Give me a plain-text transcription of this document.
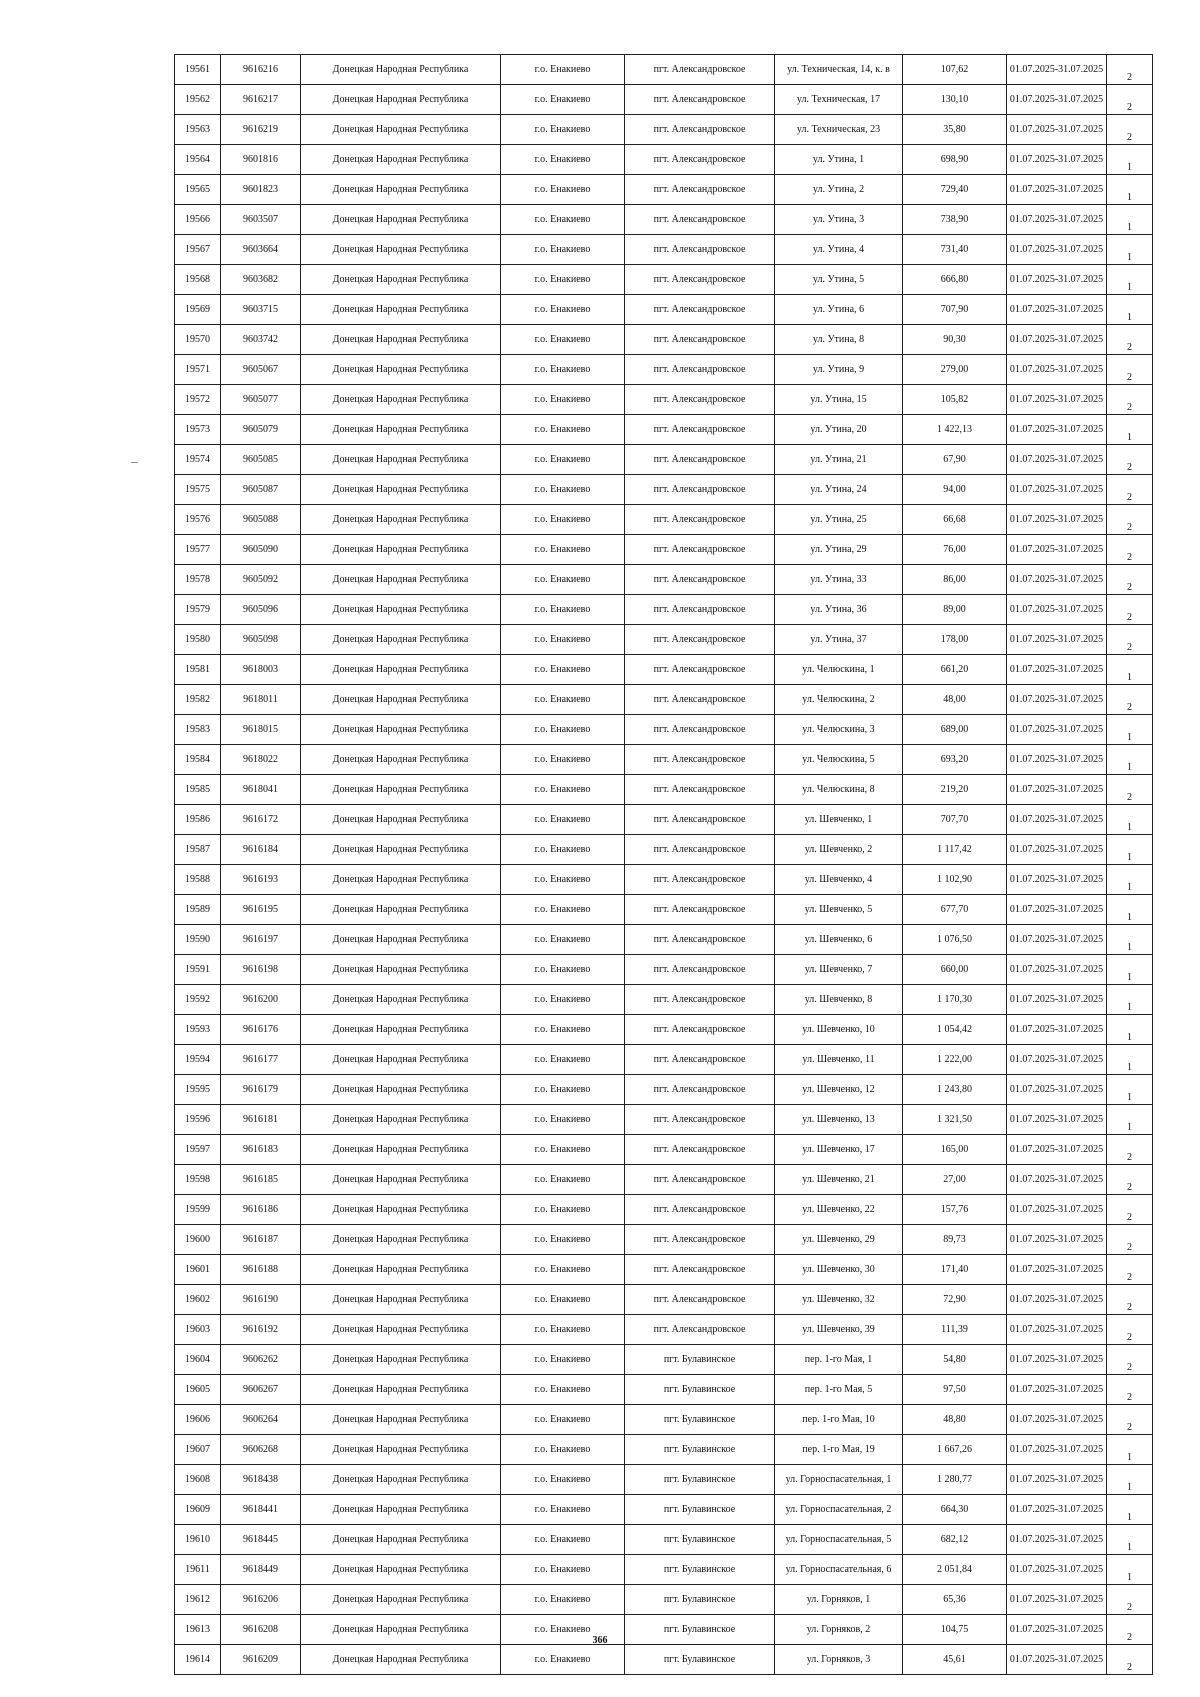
19561	9616216	Донецкая Народная Республика	г.о. Енакиево	пгт. Александровское	ул. Техническая, 14, к. в	107,62	01.07.2025-31.07.2025	2
19562	9616217	Донецкая Народная Республика	г.о. Енакиево	пгт. Александровское	ул. Техническая, 17	130,10	01.07.2025-31.07.2025	2
19563	9616219	Донецкая Народная Республика	г.о. Енакиево	пгт. Александровское	ул. Техническая, 23	35,80	01.07.2025-31.07.2025	2
19564	9601816	Донецкая Народная Республика	г.о. Енакиево	пгт. Александровское	ул. Утина, 1	698,90	01.07.2025-31.07.2025	1
19565	9601823	Донецкая Народная Республика	г.о. Енакиево	пгт. Александровское	ул. Утина, 2	729,40	01.07.2025-31.07.2025	1
19566	9603507	Донецкая Народная Республика	г.о. Енакиево	пгт. Александровское	ул. Утина, 3	738,90	01.07.2025-31.07.2025	1
19567	9603664	Донецкая Народная Республика	г.о. Енакиево	пгт. Александровское	ул. Утина, 4	731,40	01.07.2025-31.07.2025	1
19568	9603682	Донецкая Народная Республика	г.о. Енакиево	пгт. Александровское	ул. Утина, 5	666,80	01.07.2025-31.07.2025	1
19569	9603715	Донецкая Народная Республика	г.о. Енакиево	пгт. Александровское	ул. Утина, 6	707,90	01.07.2025-31.07.2025	1
19570	9603742	Донецкая Народная Республика	г.о. Енакиево	пгт. Александровское	ул. Утина, 8	90,30	01.07.2025-31.07.2025	2
19571	9605067	Донецкая Народная Республика	г.о. Енакиево	пгт. Александровское	ул. Утина, 9	279,00	01.07.2025-31.07.2025	2
19572	9605077	Донецкая Народная Республика	г.о. Енакиево	пгт. Александровское	ул. Утина, 15	105,82	01.07.2025-31.07.2025	2
19573	9605079	Донецкая Народная Республика	г.о. Енакиево	пгт. Александровское	ул. Утина, 20	1 422,13	01.07.2025-31.07.2025	1
19574	9605085	Донецкая Народная Республика	г.о. Енакиево	пгт. Александровское	ул. Утина, 21	67,90	01.07.2025-31.07.2025	2
19575	9605087	Донецкая Народная Республика	г.о. Енакиево	пгт. Александровское	ул. Утина, 24	94,00	01.07.2025-31.07.2025	2
19576	9605088	Донецкая Народная Республика	г.о. Енакиево	пгт. Александровское	ул. Утина, 25	66,68	01.07.2025-31.07.2025	2
19577	9605090	Донецкая Народная Республика	г.о. Енакиево	пгт. Александровское	ул. Утина, 29	76,00	01.07.2025-31.07.2025	2
19578	9605092	Донецкая Народная Республика	г.о. Енакиево	пгт. Александровское	ул. Утина, 33	86,00	01.07.2025-31.07.2025	2
19579	9605096	Донецкая Народная Республика	г.о. Енакиево	пгт. Александровское	ул. Утина, 36	89,00	01.07.2025-31.07.2025	2
19580	9605098	Донецкая Народная Республика	г.о. Енакиево	пгт. Александровское	ул. Утина, 37	178,00	01.07.2025-31.07.2025	2
19581	9618003	Донецкая Народная Республика	г.о. Енакиево	пгт. Александровское	ул. Челюскина, 1	661,20	01.07.2025-31.07.2025	1
19582	9618011	Донецкая Народная Республика	г.о. Енакиево	пгт. Александровское	ул. Челюскина, 2	48,00	01.07.2025-31.07.2025	2
19583	9618015	Донецкая Народная Республика	г.о. Енакиево	пгт. Александровское	ул. Челюскина, 3	689,00	01.07.2025-31.07.2025	1
19584	9618022	Донецкая Народная Республика	г.о. Енакиево	пгт. Александровское	ул. Челюскина, 5	693,20	01.07.2025-31.07.2025	1
19585	9618041	Донецкая Народная Республика	г.о. Енакиево	пгт. Александровское	ул. Челюскина, 8	219,20	01.07.2025-31.07.2025	2
19586	9616172	Донецкая Народная Республика	г.о. Енакиево	пгт. Александровское	ул. Шевченко, 1	707,70	01.07.2025-31.07.2025	1
19587	9616184	Донецкая Народная Республика	г.о. Енакиево	пгт. Александровское	ул. Шевченко, 2	1 117,42	01.07.2025-31.07.2025	1
19588	9616193	Донецкая Народная Республика	г.о. Енакиево	пгт. Александровское	ул. Шевченко, 4	1 102,90	01.07.2025-31.07.2025	1
19589	9616195	Донецкая Народная Республика	г.о. Енакиево	пгт. Александровское	ул. Шевченко, 5	677,70	01.07.2025-31.07.2025	1
19590	9616197	Донецкая Народная Республика	г.о. Енакиево	пгт. Александровское	ул. Шевченко, 6	1 076,50	01.07.2025-31.07.2025	1
19591	9616198	Донецкая Народная Республика	г.о. Енакиево	пгт. Александровское	ул. Шевченко, 7	660,00	01.07.2025-31.07.2025	1
19592	9616200	Донецкая Народная Республика	г.о. Енакиево	пгт. Александровское	ул. Шевченко, 8	1 170,30	01.07.2025-31.07.2025	1
19593	9616176	Донецкая Народная Республика	г.о. Енакиево	пгт. Александровское	ул. Шевченко, 10	1 054,42	01.07.2025-31.07.2025	1
19594	9616177	Донецкая Народная Республика	г.о. Енакиево	пгт. Александровское	ул. Шевченко, 11	1 222,00	01.07.2025-31.07.2025	1
19595	9616179	Донецкая Народная Республика	г.о. Енакиево	пгт. Александровское	ул. Шевченко, 12	1 243,80	01.07.2025-31.07.2025	1
19596	9616181	Донецкая Народная Республика	г.о. Енакиево	пгт. Александровское	ул. Шевченко, 13	1 321,50	01.07.2025-31.07.2025	1
19597	9616183	Донецкая Народная Республика	г.о. Енакиево	пгт. Александровское	ул. Шевченко, 17	165,00	01.07.2025-31.07.2025	2
19598	9616185	Донецкая Народная Республика	г.о. Енакиево	пгт. Александровское	ул. Шевченко, 21	27,00	01.07.2025-31.07.2025	2
19599	9616186	Донецкая Народная Республика	г.о. Енакиево	пгт. Александровское	ул. Шевченко, 22	157,76	01.07.2025-31.07.2025	2
19600	9616187	Донецкая Народная Республика	г.о. Енакиево	пгт. Александровское	ул. Шевченко, 29	89,73	01.07.2025-31.07.2025	2
19601	9616188	Донецкая Народная Республика	г.о. Енакиево	пгт. Александровское	ул. Шевченко, 30	171,40	01.07.2025-31.07.2025	2
19602	9616190	Донецкая Народная Республика	г.о. Енакиево	пгт. Александровское	ул. Шевченко, 32	72,90	01.07.2025-31.07.2025	2
19603	9616192	Донецкая Народная Республика	г.о. Енакиево	пгт. Александровское	ул. Шевченко, 39	111,39	01.07.2025-31.07.2025	2
19604	9606262	Донецкая Народная Республика	г.о. Енакиево	пгт. Булавинское	пер. 1-го Мая, 1	54,80	01.07.2025-31.07.2025	2
19605	9606267	Донецкая Народная Республика	г.о. Енакиево	пгт. Булавинское	пер. 1-го Мая, 5	97,50	01.07.2025-31.07.2025	2
19606	9606264	Донецкая Народная Республика	г.о. Енакиево	пгт. Булавинское	пер. 1-го Мая, 10	48,80	01.07.2025-31.07.2025	2
19607	9606268	Донецкая Народная Республика	г.о. Енакиево	пгт. Булавинское	пер. 1-го Мая, 19	1 667,26	01.07.2025-31.07.2025	1
19608	9618438	Донецкая Народная Республика	г.о. Енакиево	пгт. Булавинское	ул. Горноспасательная, 1	1 280,77	01.07.2025-31.07.2025	1
19609	9618441	Донецкая Народная Республика	г.о. Енакиево	пгт. Булавинское	ул. Горноспасательная, 2	664,30	01.07.2025-31.07.2025	1
19610	9618445	Донецкая Народная Республика	г.о. Енакиево	пгт. Булавинское	ул. Горноспасательная, 5	682,12	01.07.2025-31.07.2025	1
19611	9618449	Донецкая Народная Республика	г.о. Енакиево	пгт. Булавинское	ул. Горноспасательная, 6	2 051,84	01.07.2025-31.07.2025	1
19612	9616206	Донецкая Народная Республика	г.о. Енакиево	пгт. Булавинское	ул. Горняков, 1	65,36	01.07.2025-31.07.2025	2
19613	9616208	Донецкая Народная Республика	г.о. Енакиево	пгт. Булавинское	ул. Горняков, 2	104,75	01.07.2025-31.07.2025	2
19614	9616209	Донецкая Народная Республика	г.о. Енакиево	пгт. Булавинское	ул. Горняков, 3	45,61	01.07.2025-31.07.2025	2
366
